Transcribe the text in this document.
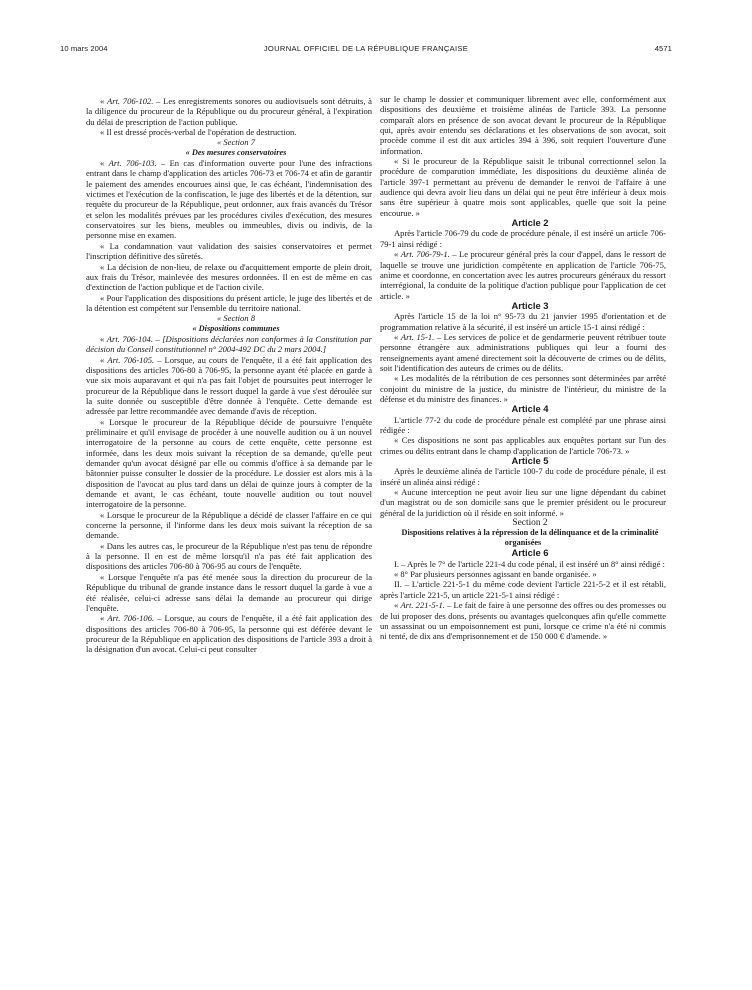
10 mars 2004	JOURNAL OFFICIEL DE LA RÉPUBLIQUE FRANÇAISE	4571

« Art. 706-102. – Les enregistrements sonores ou audiovisuels sont détruits, à la diligence du procureur de la République ou du procureur général, à l'expiration du délai de prescription de l'action publique.

« Il est dressé procès-verbal de l'opération de destruction.

« Section 7

« Des mesures conservatoires

« Art. 706-103. – En cas d'information ouverte pour l'une des infractions entrant dans le champ d'application des articles 706-73 et 706-74 et afin de garantir le paiement des amendes encourues ainsi que, le cas échéant, l'indemnisation des victimes et l'exécution de la confiscation, le juge des libertés et de la détention, sur requête du procureur de la République, peut ordonner, aux frais avancés du Trésor et selon les modalités prévues par les procédures civiles d'exécution, des mesures conservatoires sur les biens, meubles ou immeubles, divis ou indivis, de la personne mise en examen.

« La condamnation vaut validation des saisies conservatoires et permet l'inscription définitive des sûretés.

« La décision de non-lieu, de relaxe ou d'acquittement emporte de plein droit, aux frais du Trésor, mainlevée des mesures ordonnées. Il en est de même en cas d'extinction de l'action publique et de l'action civile.

« Pour l'application des dispositions du présent article, le juge des libertés et de la détention est compétent sur l'ensemble du territoire national.

« Section 8

« Dispositions communes

« Art. 706-104. – [Dispositions déclarées non conformes à la Constitution par décision du Conseil constitutionnel n° 2004-492 DC du 2 mars 2004.]

« Art. 706-105. – Lorsque, au cours de l'enquête, il a été fait application des dispositions des articles 706-80 à 706-95, la personne ayant été placée en garde à vue six mois auparavant et qui n'a pas fait l'objet de poursuites peut interroger le procureur de la République dans le ressort duquel la garde à vue s'est déroulée sur la suite donnée ou susceptible d'être donnée à l'enquête. Cette demande est adressée par lettre recommandée avec demande d'avis de réception.

« Lorsque le procureur de la République décide de poursuivre l'enquête préliminaire et qu'il envisage de procéder à une nouvelle audition ou à un nouvel interrogatoire de la personne au cours de cette enquête, cette personne est informée, dans les deux mois suivant la réception de sa demande, qu'elle peut demander qu'un avocat désigné par elle ou commis d'office à sa demande par le bâtonnier puisse consulter le dossier de la procédure. Le dossier est alors mis à la disposition de l'avocat au plus tard dans un délai de quinze jours à compter de la demande et avant, le cas échéant, toute nouvelle audition ou tout nouvel interrogatoire de la personne.

« Lorsque le procureur de la République a décidé de classer l'affaire en ce qui concerne la personne, il l'informe dans les deux mois suivant la réception de sa demande.

« Dans les autres cas, le procureur de la République n'est pas tenu de répondre à la personne. Il en est de même lorsqu'il n'a pas été fait application des dispositions des articles 706-80 à 706-95 au cours de l'enquête.

« Lorsque l'enquête n'a pas été menée sous la direction du procureur de la République du tribunal de grande instance dans le ressort duquel la garde à vue a été réalisée, celui-ci adresse sans délai la demande au procureur qui dirige l'enquête.

« Art. 706-106. – Lorsque, au cours de l'enquête, il a été fait application des dispositions des articles 706-80 à 706-95, la personne qui est déférée devant le procureur de la République en application des dispositions de l'article 393 a droit à la désignation d'un avocat. Celui-ci peut consulter

sur le champ le dossier et communiquer librement avec elle, conformément aux dispositions des deuxième et troisième alinéas de l'article 393. La personne comparaît alors en présence de son avocat devant le procureur de la République qui, après avoir entendu ses déclarations et les observations de son avocat, soit procède comme il est dit aux articles 394 à 396, soit requiert l'ouverture d'une information.

« Si le procureur de la République saisit le tribunal correctionnel selon la procédure de comparution immédiate, les dispositions du deuxième alinéa de l'article 397-1 permettant au prévenu de demander le renvoi de l'affaire à une audience qui devra avoir lieu dans un délai qui ne peut être inférieur à deux mois sans être supérieur à quatre mois sont applicables, quelle que soit la peine encourue. »

Article 2

Après l'article 706-79 du code de procédure pénale, il est inséré un article 706-79-1 ainsi rédigé :

« Art. 706-79-1. – Le procureur général près la cour d'appel, dans le ressort de laquelle se trouve une juridiction compétente en application de l'article 706-75, anime et coordonne, en concertation avec les autres procureurs généraux du ressort interrégional, la conduite de la politique d'action publique pour l'application de cet article. »

Article 3

Après l'article 15 de la loi n° 95-73 du 21 janvier 1995 d'orientation et de programmation relative à la sécurité, il est inséré un article 15-1 ainsi rédigé :

« Art. 15-1. – Les services de police et de gendarmerie peuvent rétribuer toute personne étrangère aux administrations publiques qui leur a fourni des renseignements ayant amené directement soit la découverte de crimes ou de délits, soit l'identification des auteurs de crimes ou de délits.

« Les modalités de la rétribution de ces personnes sont déterminées par arrêté conjoint du ministre de la justice, du ministre de l'intérieur, du ministre de la défense et du ministre des finances. »

Article 4

L'article 77-2 du code de procédure pénale est complété par une phrase ainsi rédigée :

« Ces dispositions ne sont pas applicables aux enquêtes portant sur l'un des crimes ou délits entrant dans le champ d'application de l'article 706-73. »

Article 5

Après le deuxième alinéa de l'article 100-7 du code de procédure pénale, il est inséré un alinéa ainsi rédigé :

« Aucune interception ne peut avoir lieu sur une ligne dépendant du cabinet d'un magistrat ou de son domicile sans que le premier président ou le procureur général de la juridiction où il réside en soit informé. »

Section 2

Dispositions relatives à la répression de la délinquance et de la criminalité organisées

Article 6

I. – Après le 7° de l'article 221-4 du code pénal, il est inséré un 8° ainsi rédigé :

« 8° Par plusieurs personnes agissant en bande organisée. »

II. – L'article 221-5-1 du même code devient l'article 221-5-2 et il est rétabli, après l'article 221-5, un article 221-5-1 ainsi rédigé :

« Art. 221-5-1. – Le fait de faire à une personne des offres ou des promesses ou de lui proposer des dons, présents ou avantages quelconques afin qu'elle commette un assassinat ou un empoisonnement est puni, lorsque ce crime n'a été ni commis ni tenté, de dix ans d'emprisonnement et de 150 000 € d'amende. »
